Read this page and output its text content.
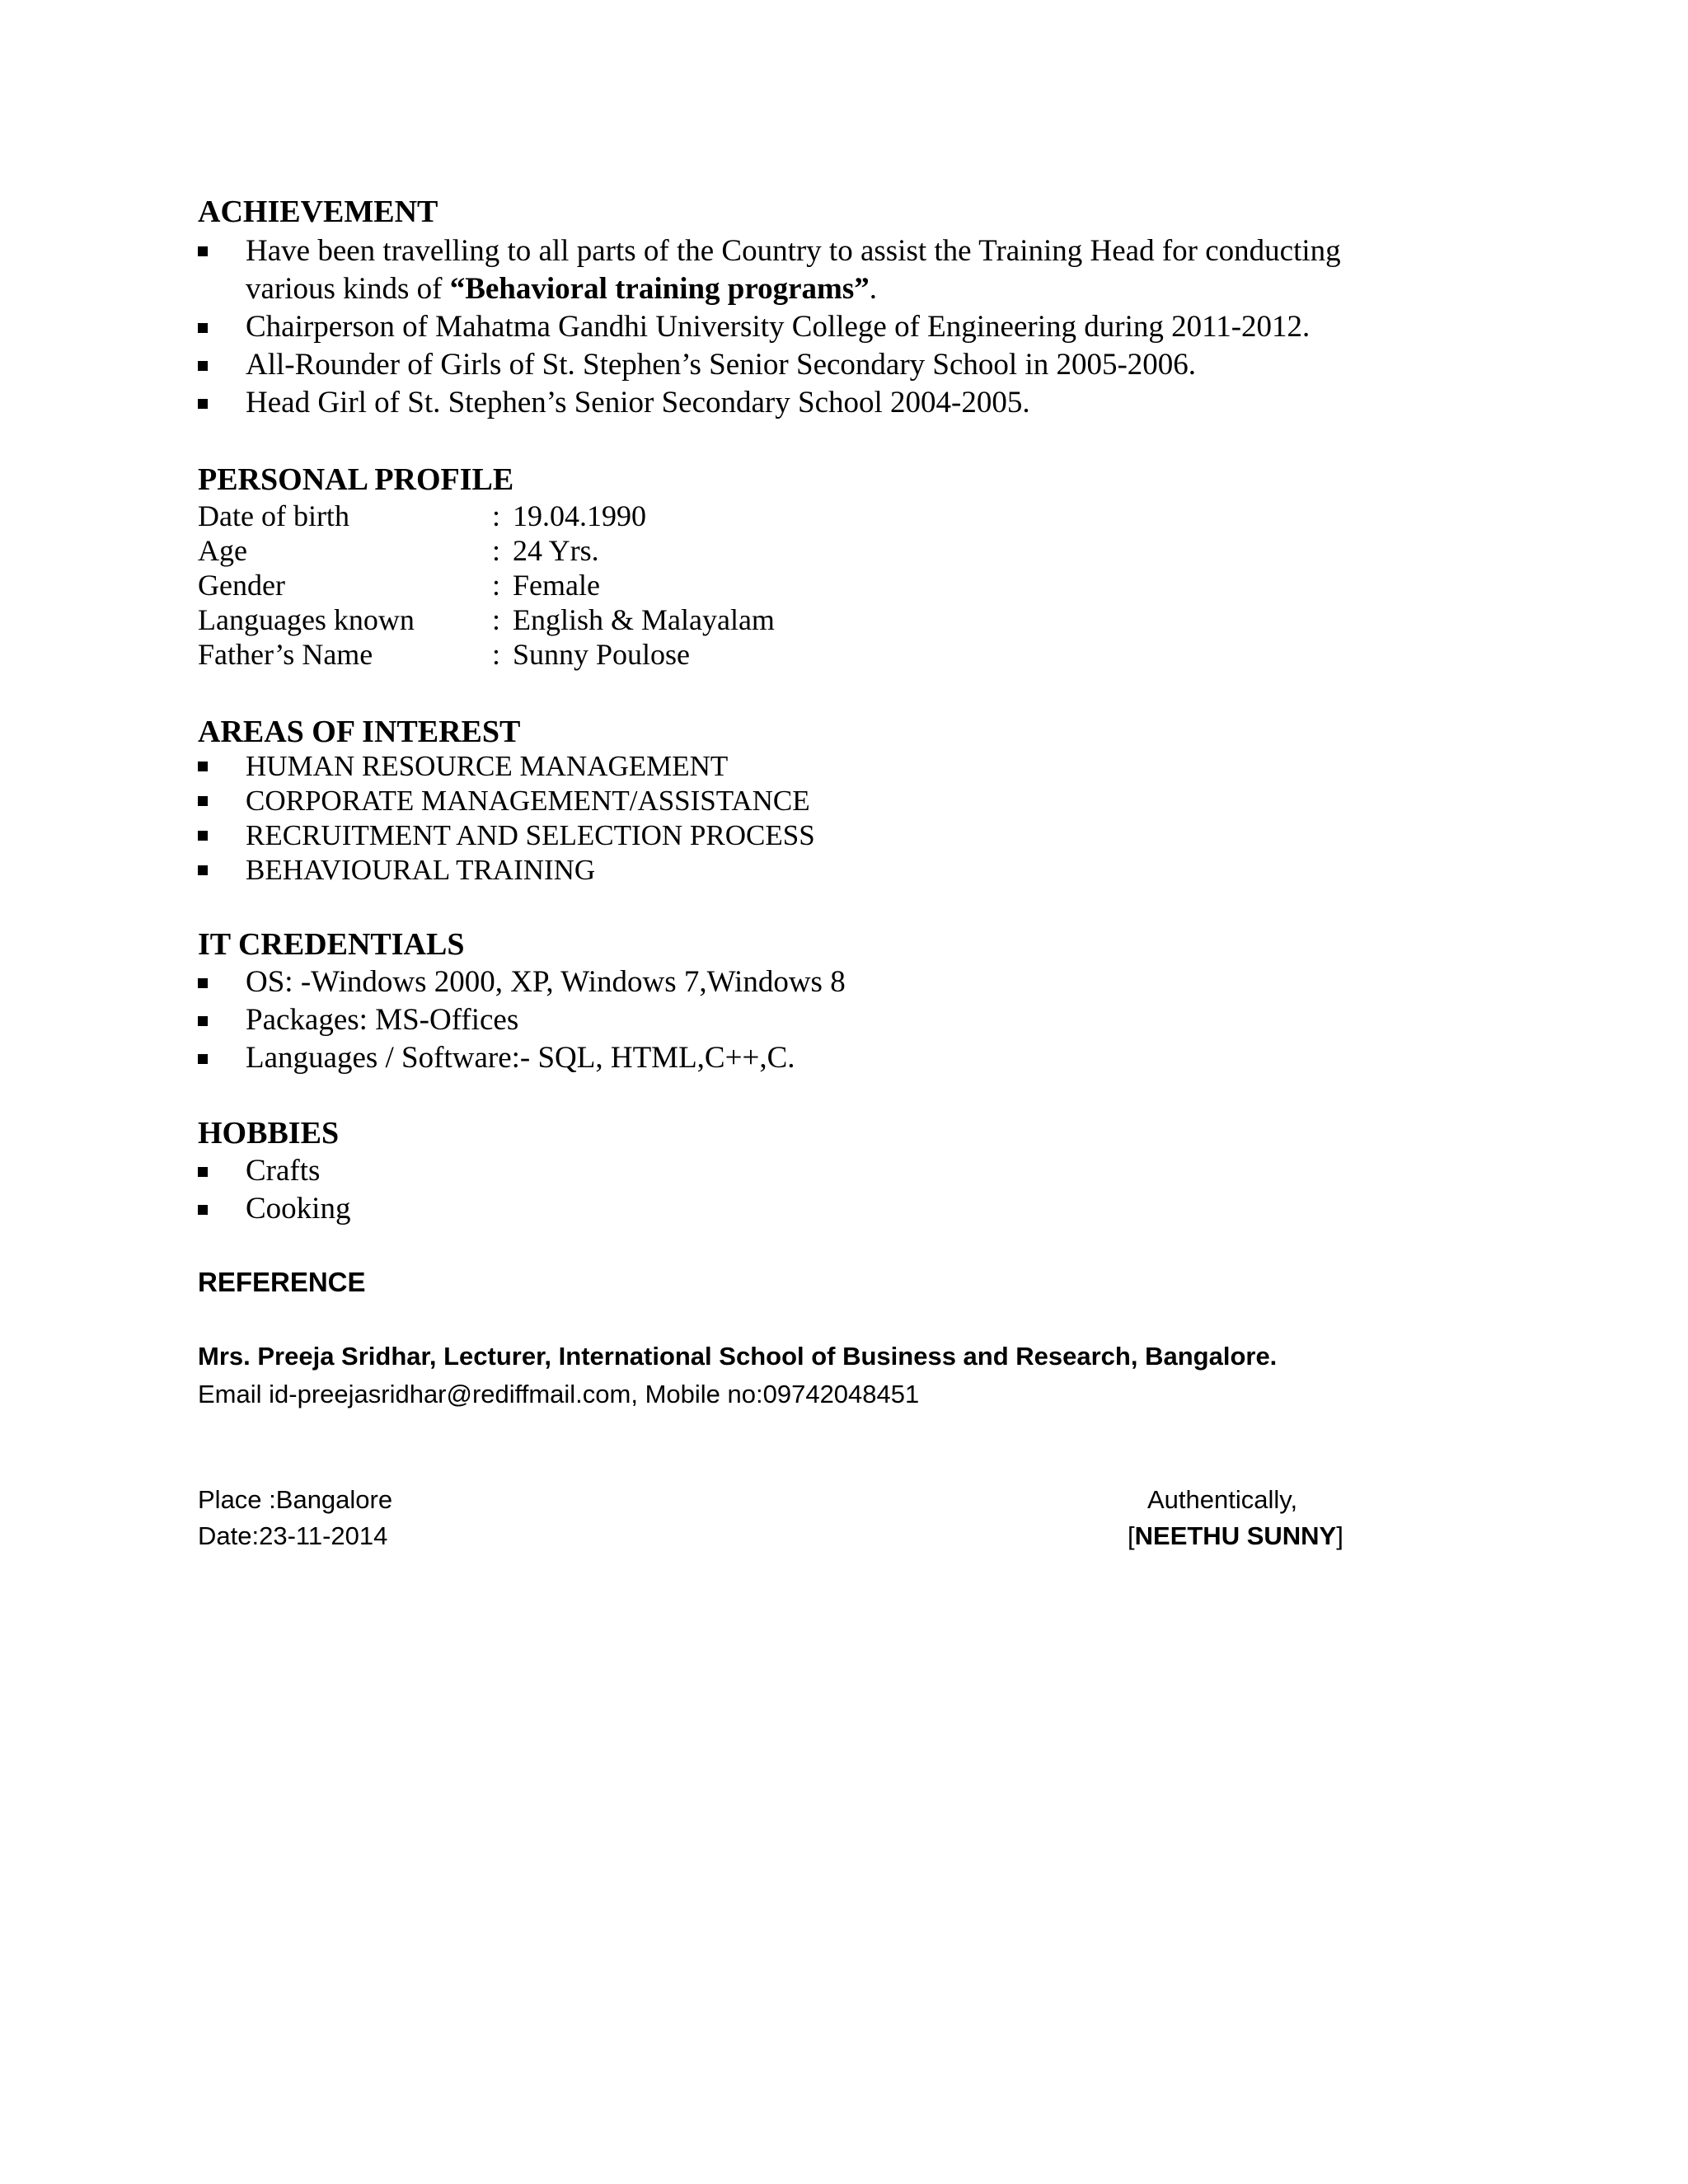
ACHIEVEMENT
Have been travelling to all parts of the Country to assist the Training Head for conducting
various kinds of “Behavioral training programs”.
Chairperson of Mahatma Gandhi University College of Engineering during 2011-2012.
All-Rounder of Girls of St. Stephen’s Senior Secondary School in 2005-2006.
Head Girl of St. Stephen’s Senior Secondary School 2004-2005.
PERSONAL PROFILE
Date of birth	: 19.04.1990
Age	: 24 Yrs.
Gender	: Female
Languages known	: English & Malayalam
Father’s Name	: Sunny Poulose
AREAS OF INTEREST
HUMAN RESOURCE MANAGEMENT
CORPORATE MANAGEMENT/ASSISTANCE
RECRUITMENT AND SELECTION PROCESS
BEHAVIOURAL TRAINING
IT CREDENTIALS
OS: -Windows 2000, XP, Windows 7,Windows 8
Packages: MS-Offices
Languages / Software:- SQL, HTML,C++,C.
HOBBIES
Crafts
Cooking
REFERENCE
Mrs. Preeja Sridhar, Lecturer, International School of Business and Research, Bangalore.
Email id-preejasridhar@rediffmail.com, Mobile no:09742048451
Place :Bangalore
Date:23-11-2014
Authentically,
[NEETHU SUNNY]
